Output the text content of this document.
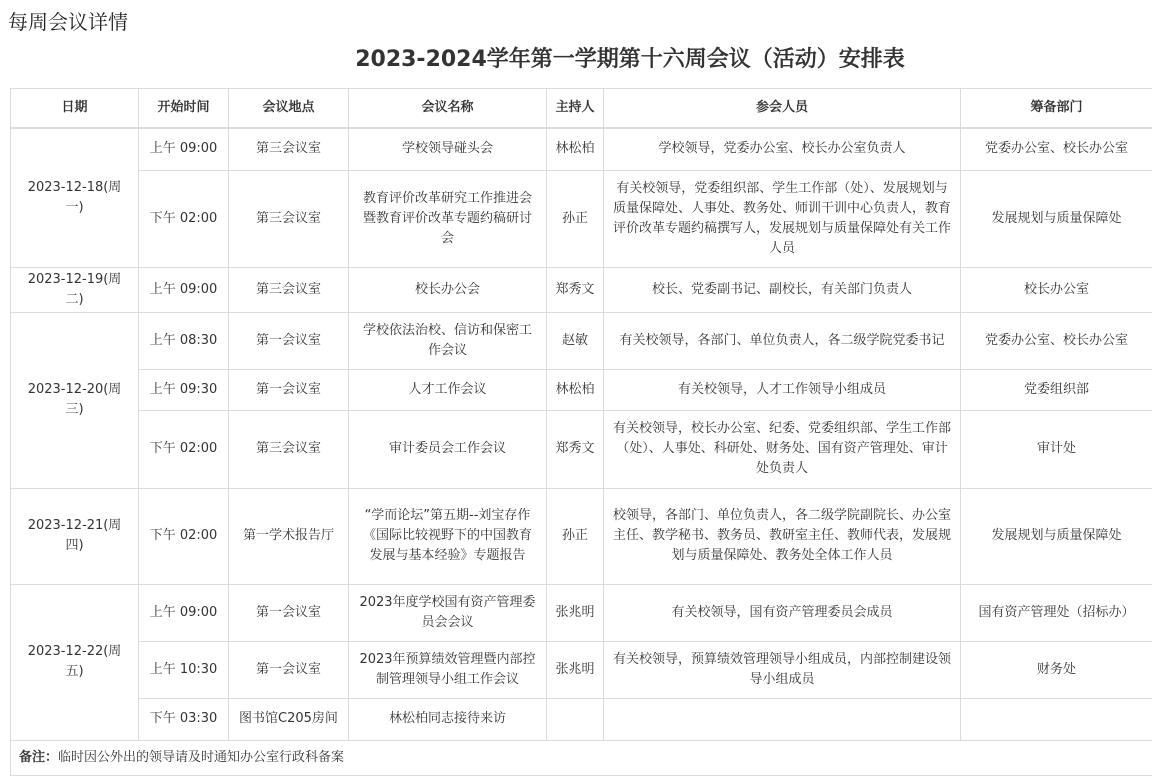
每周会议详情
2023-2024学年第一学期第十六周会议（活动）安排表
日期	开始时间	会议地点	会议名称	主持人	参会人员	筹备部门
2023-12-18(周一)	上午 09:00	第三会议室	学校领导碰头会	林松柏	学校领导，党委办公室、校长办公室负责人	党委办公室、校长办公室
	下午 02:00	第三会议室	教育评价改革研究工作推进会暨教育评价改革专题约稿研讨会	孙正	有关校领导，党委组织部、学生工作部（处）、发展规划与质量保障处、人事处、教务处、师训干训中心负责人，教育评价改革专题约稿撰写人，发展规划与质量保障处有关工作人员	发展规划与质量保障处
2023-12-19(周二)	上午 09:00	第三会议室	校长办公会	郑秀文	校长、党委副书记、副校长，有关部门负责人	校长办公室
2023-12-20(周三)	上午 08:30	第一会议室	学校依法治校、信访和保密工作会议	赵敏	有关校领导，各部门、单位负责人，各二级学院党委书记	党委办公室、校长办公室
	上午 09:30	第一会议室	人才工作会议	林松柏	有关校领导，人才工作领导小组成员	党委组织部
	下午 02:00	第三会议室	审计委员会工作会议	郑秀文	有关校领导，校长办公室、纪委、党委组织部、学生工作部（处）、人事处、科研处、财务处、国有资产管理处、审计处负责人	审计处
2023-12-21(周四)	下午 02:00	第一学术报告厅	“学而论坛”第五期--刘宝存作《国际比较视野下的中国教育发展与基本经验》专题报告	孙正	校领导，各部门、单位负责人，各二级学院副院长、办公室主任、教学秘书、教务员、教研室主任、教师代表，发展规划与质量保障处、教务处全体工作人员	发展规划与质量保障处
2023-12-22(周五)	上午 09:00	第一会议室	2023年度学校国有资产管理委员会会议	张兆明	有关校领导，国有资产管理委员会成员	国有资产管理处（招标办）
	上午 10:30	第一会议室	2023年预算绩效管理暨内部控制管理领导小组工作会议	张兆明	有关校领导，预算绩效管理领导小组成员，内部控制建设领导小组成员	财务处
	下午 03:30	图书馆C205房间	林松柏同志接待来访			
备注：临时因公外出的领导请及时通知办公室行政科备案						
